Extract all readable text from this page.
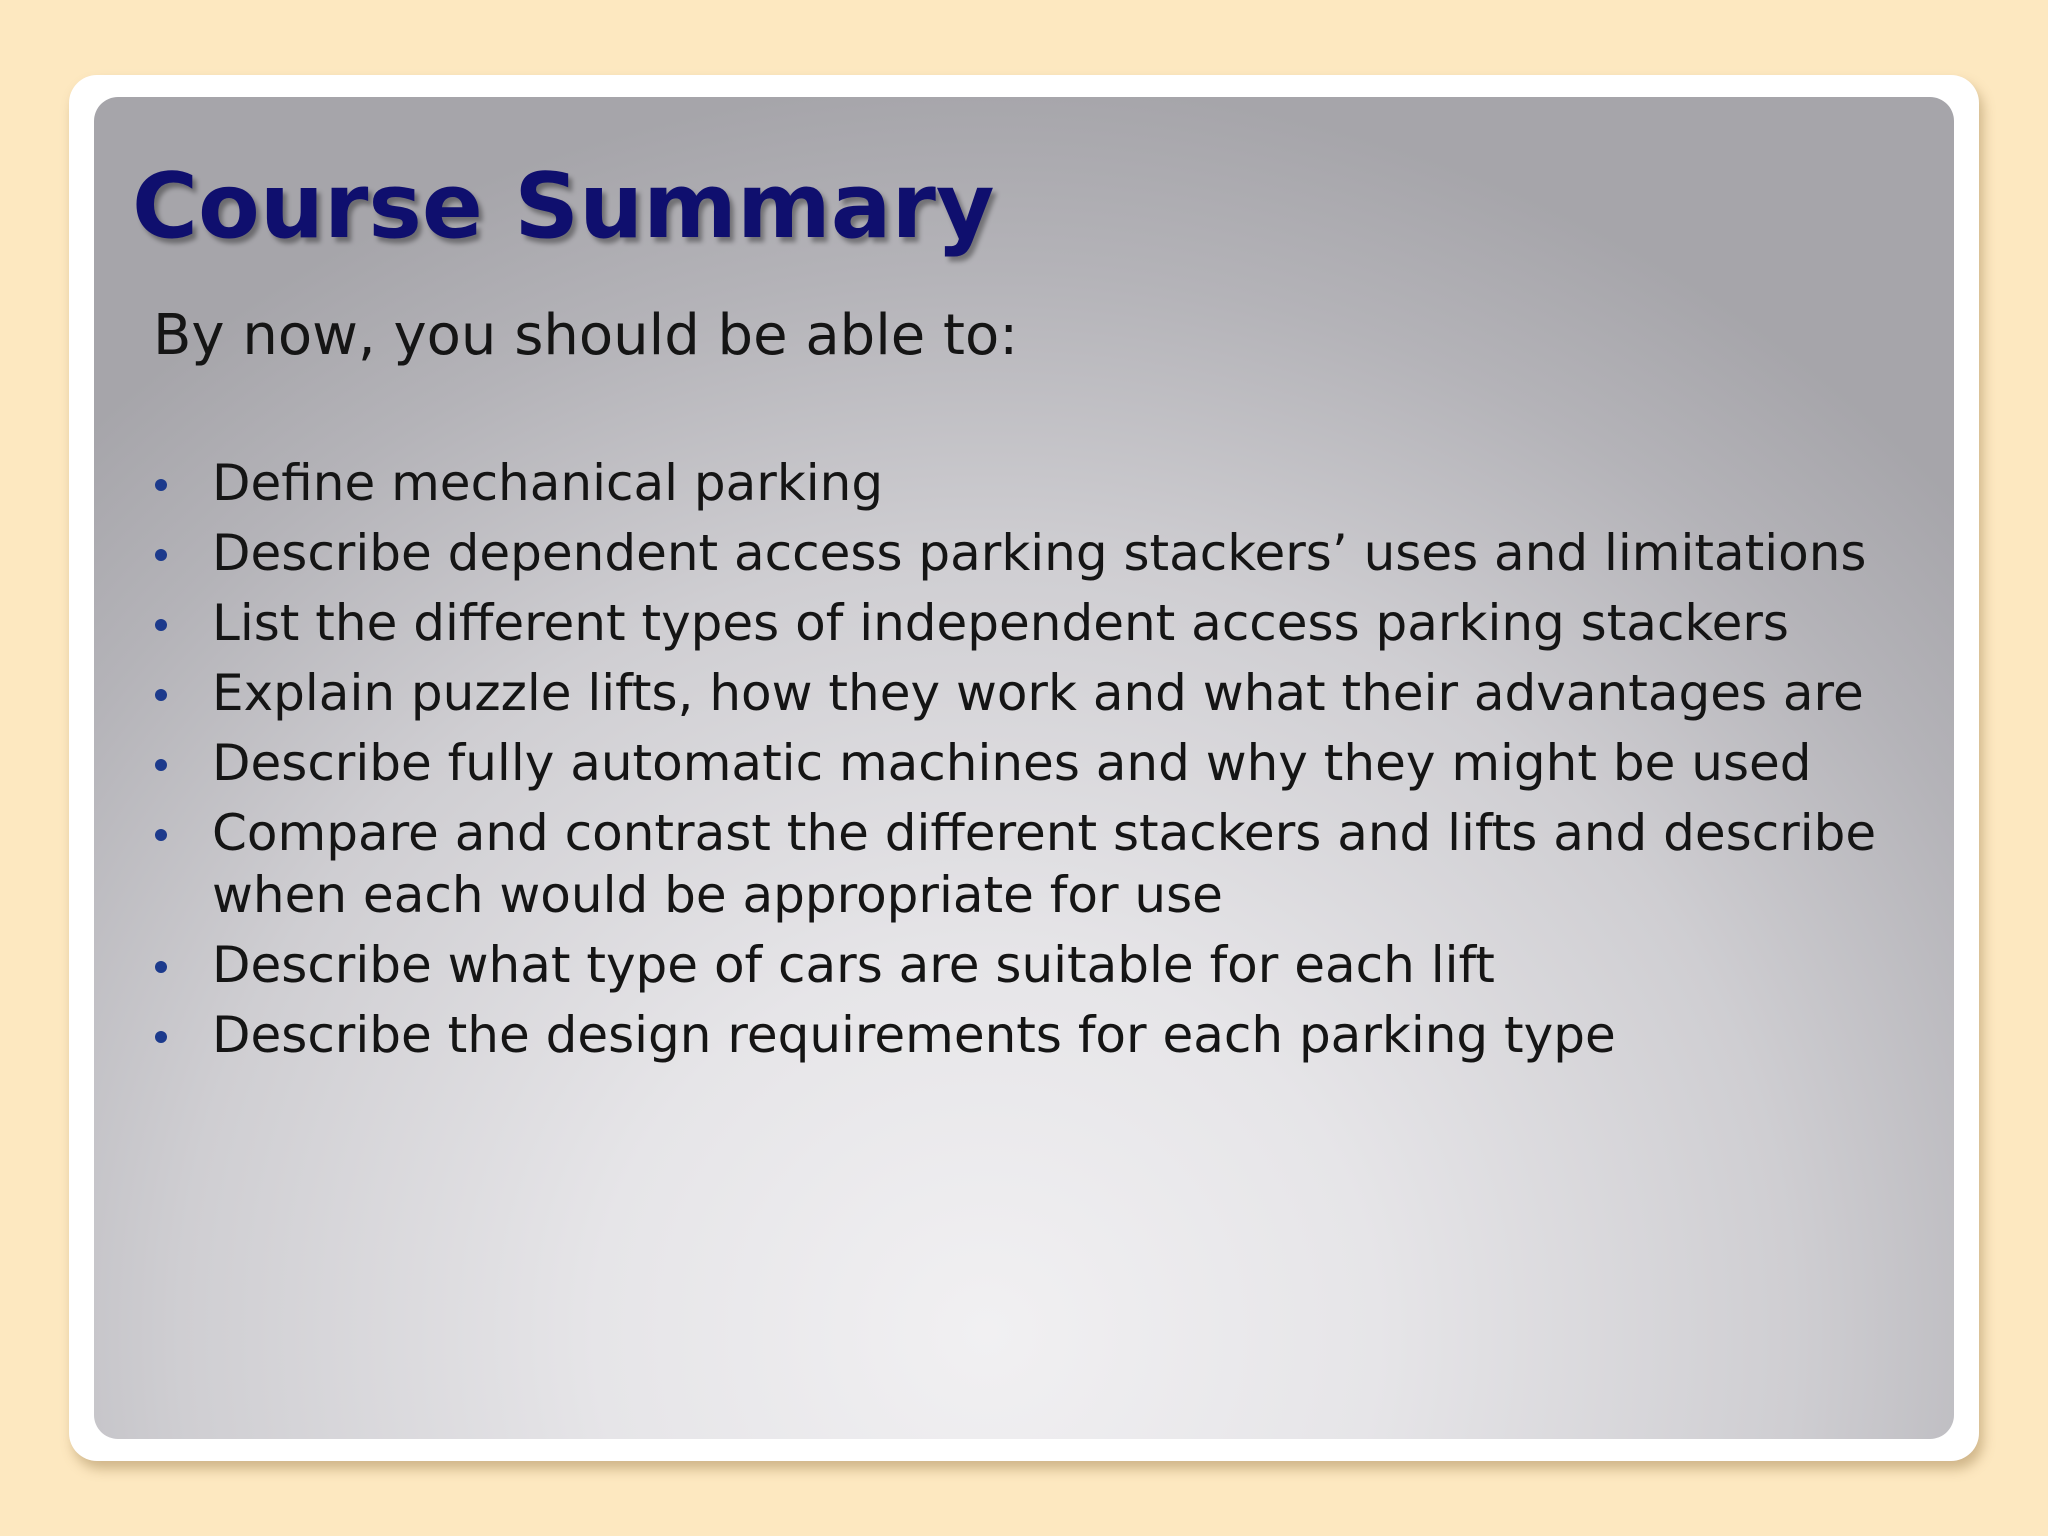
Course Summary

By now, you should be able to:

Define mechanical parking
Describe dependent access parking stackers’ uses and limitations
List the different types of independent access parking stackers
Explain puzzle lifts, how they work and what their advantages are
Describe fully automatic machines and why they might be used
Compare and contrast the different stackers and lifts and describe when each would be appropriate for use
Describe what type of cars are suitable for each lift
Describe the design requirements for each parking type
